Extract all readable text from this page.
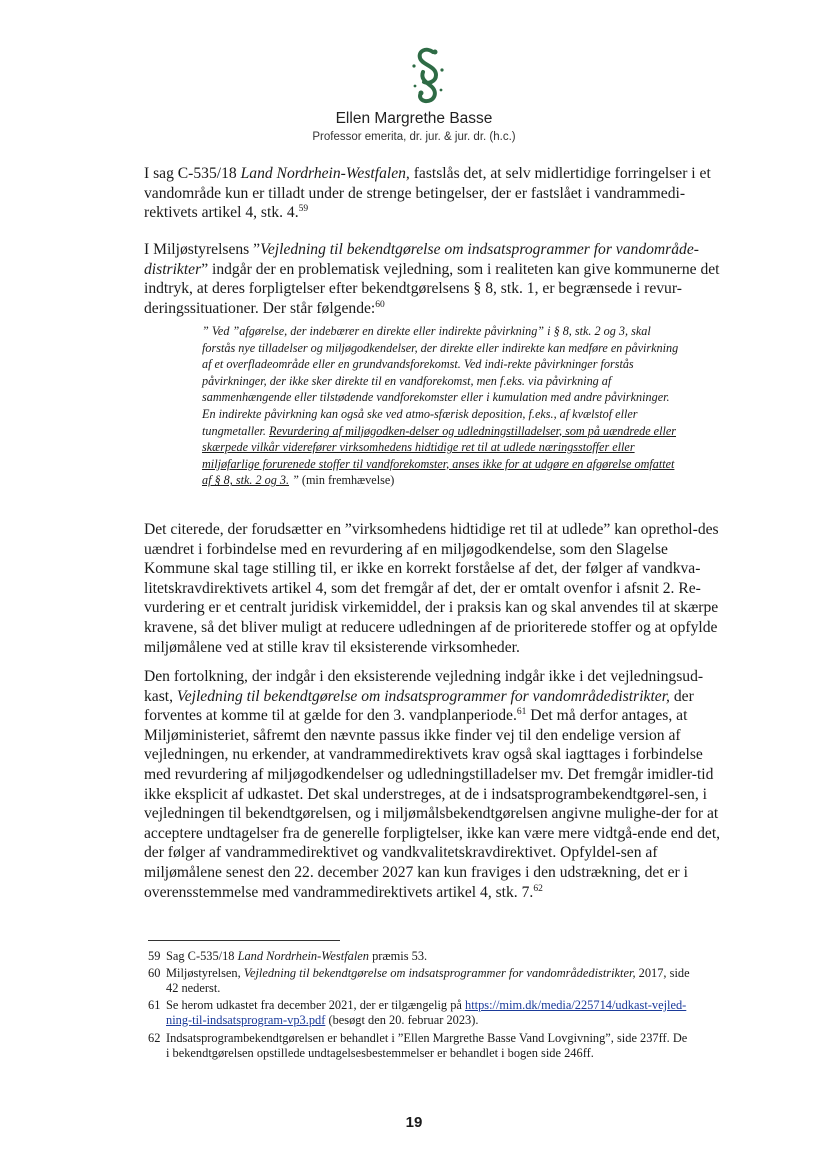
Ellen Margrethe Basse
Professor emerita, dr. jur. & jur. dr. (h.c.)
I sag C-535/18 Land Nordrhein-Westfalen, fastslås det, at selv midlertidige forringelser i et vandområde kun er tilladt under de strenge betingelser, der er fastslået i vandrammedi-rektivets artikel 4, stk. 4.59
I Miljøstyrelsens ”Vejledning til bekendtgørelse om indsatsprogrammer for vandområde-distrikter” indgår der en problematisk vejledning, som i realiteten kan give kommunerne det indtryk, at deres forpligtelser efter bekendtgørelsens § 8, stk. 1, er begrænsede i revur-deringssituationer. Der står følgende:$^{60}$
” Ved ”afgørelse, der indebærer en direkte eller indirekte påvirkning” i § 8, stk. 2 og 3, skal forstås nye tilladelser og miljøgodkendelser, der direkte eller indirekte kan medføre en påvirkning af et overfladeområde eller en grundvandsforekomst. Ved indi-rekte påvirkninger forstås påvirkninger, der ikke sker direkte til en vandforekomst, men f.eks. via påvirkning af sammenhængende eller tilstødende vandforekomster eller i kumulation med andre påvirkninger. En indirekte påvirkning kan også ske ved atmo-sfærisk deposition, f.eks., af kvælstof eller tungmetaller. Revurdering af miljøgodken-delser og udledningstilladelser, som på uændrede eller skærpede vilkår viderefører virksomhedens hidtidige ret til at udlede næringsstoffer eller miljøfarlige forurenede stoffer til vandforekomster, anses ikke for at udgøre en afgørelse omfattet af § 8, stk. 2 og 3. ” (min fremhævelse)
Det citerede, der forudsætter en ”virksomhedens hidtidige ret til at udlede” kan oprethol-des uændret i forbindelse med en revurdering af en miljøgodkendelse, som den Slagelse Kommune skal tage stilling til, er ikke en korrekt forståelse af det, der følger af vandkva-litetskravdirektivets artikel 4, som det fremgår af det, der er omtalt ovenfor i afsnit 2. Re-vurdering er et centralt juridisk virkemiddel, der i praksis kan og skal anvendes til at skærpe kravene, så det bliver muligt at reducere udledningen af de prioriterede stoffer og at opfylde miljømålene ved at stille krav til eksisterende virksomheder.
Den fortolkning, der indgår i den eksisterende vejledning indgår ikke i det vejledningsud-kast, Vejledning til bekendtgørelse om indsatsprogrammer for vandområdedistrikter, der forventes at komme til at gælde for den 3. vandplanperiode.$^{61}$ Det må derfor antages, at Miljøministeriet, såfremt den nævnte passus ikke finder vej til den endelige version af vejledningen, nu erkender, at vandrammedirektivets krav også skal iagttages i forbindelse med revurdering af miljøgodkendelser og udledningstilladelser mv. Det fremgår imidler-tid ikke eksplicit af udkastet. Det skal understreges, at de i indsatsprogrambekendtgørel-sen, i vejledningen til bekendtgørelsen, og i miljømålsbekendtgørelsen angivne mulighe-der for at acceptere undtagelser fra de generelle forpligtelser, ikke kan være mere vidtgå-ende end det, der følger af vandrammedirektivet og vandkvalitetskravdirektivet. Opfyldel-sen af miljømålene senest den 22. december 2027 kan kun fraviges i den udstrækning, det er i overensstemmelse med vandrammedirektivets artikel 4, stk. 7.62
59 Sag C-535/18 Land Nordrhein-Westfalen præmis 53.
60 Miljøstyrelsen, Vejledning til bekendtgørelse om indsatsprogrammer for vandområdedistrikter, 2017, side
42 nederst.
61 Se herom udkastet fra december 2021, der er tilgængelig på https://mim.dk/media/225714/udkast-vejled-
ning-til-indsatsprogram-vp3.pdf (besøgt den 20. februar 2023).
62 Indsatsprogrambekendtgørelsen er behandlet i ”Ellen Margrethe Basse Vand Lovgivning”, side 237ff. De
i bekendtgørelsen opstillede undtagelsesbestemmelser er behandlet i bogen side 246ff.
19
